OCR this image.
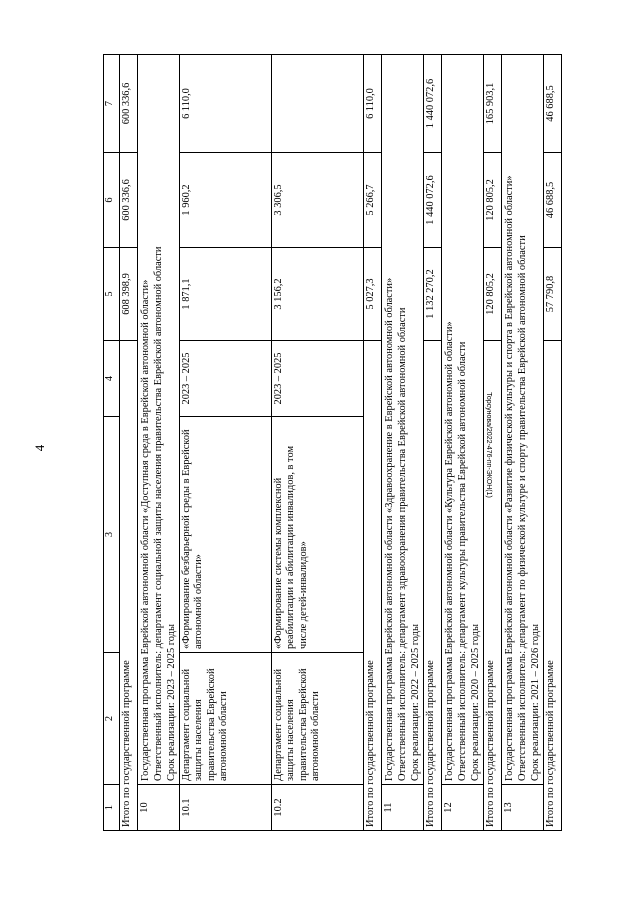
4	Торсунова/2022-476-пп-ЭКОН(1)
1	2	3	4	5	6	7
Итого по государственной программе				608 398,9	600 336,6	600 336,6
10	Государственная программа Еврейской автономной области «Доступная среда в Еврейской автономной области» Ответственный исполнитель: департамент социальной защиты населения правительства Еврейской автономной области Срок реализации: 2023 – 2025 годы					

10.1	Департамент социальной защиты населения правительства Еврейской автономной области	«Формирование безбарьерной среды в Еврейской автономной области»	2023 – 2025	1 871,1	1 960,2	6 110,0
10.2	Департамент социальной защиты населения правительства Еврейской автономной области	«Формирование системы комплексной реабилитации и абилитации инвалидов, в том числе детей-инвалидов»	2023 – 2025	3 156,2	3 306,5	
Итого по государственной программе				5 027,3	5 266,7	6 110,0
11	Государственная программа Еврейской автономной области «Здравоохранение в Еврейской автономной области» Ответственный исполнитель: департамент здравоохранения правительства Еврейской автономной области Срок реализации: 2022 – 2025 годы					

Итого по государственной программе				1 132 270,2	1 440 072,6	1 440 072,6
12	Государственная программа Еврейской автономной области «Культура Еврейской автономной области» Ответственный исполнитель: департамент культуры правительства Еврейской автономной области Срок реализации: 2020 – 2025 годы					

Итого по государственной программе				120 805,2	120 805,2	165 903,1
13	Государственная программа Еврейской автономной области «Развитие физической культуры и спорта в Еврейской автономной области» Ответственный исполнитель: департамент по физической культуре и спорту правительства Еврейской автономной области Срок реализации: 2021 – 2026 годы					

Итого по государственной программе				57 790,8	46 688,5	46 688,5
